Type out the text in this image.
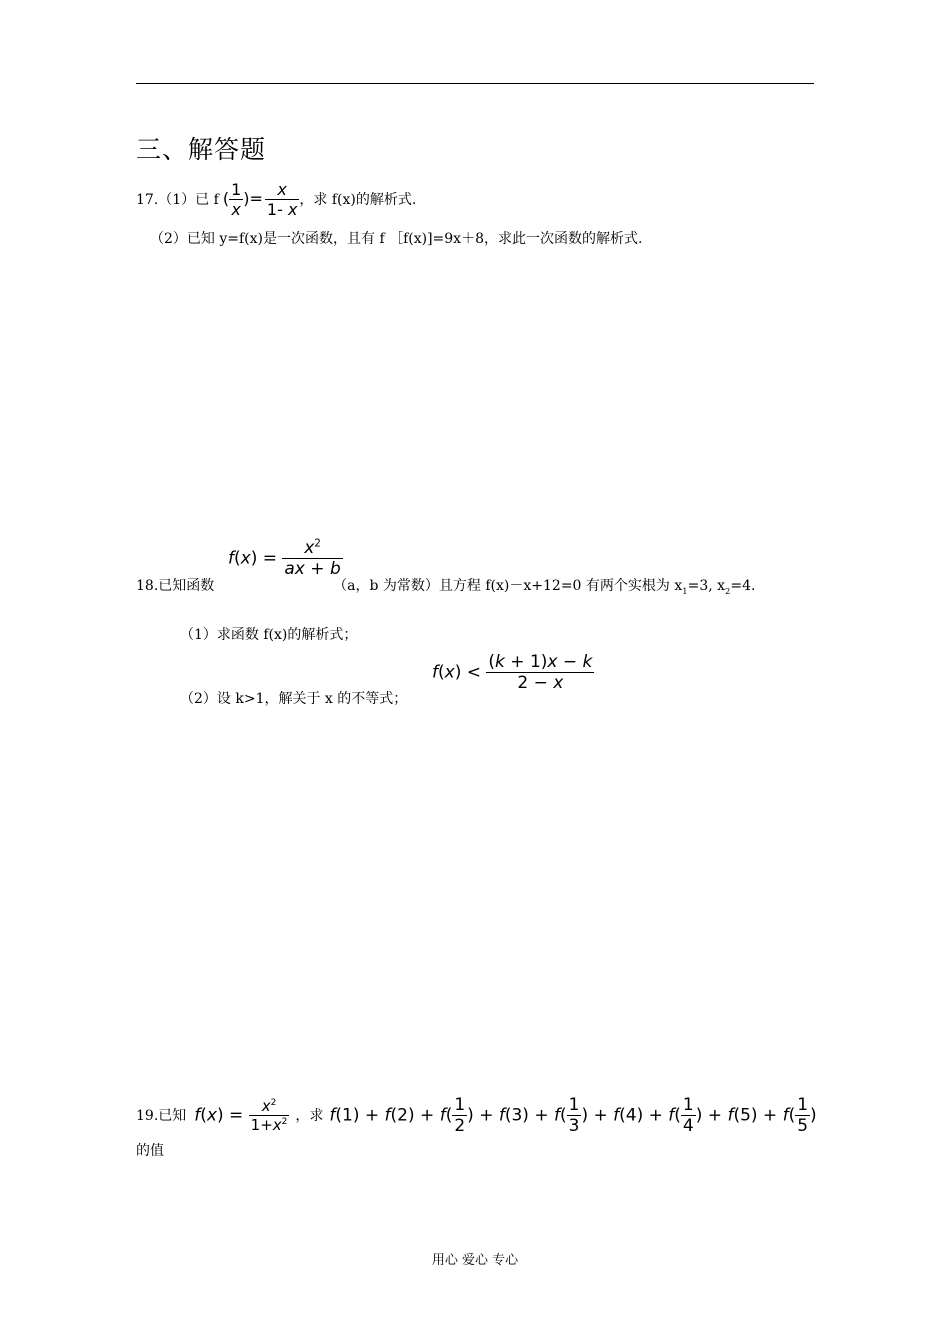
三、解答题
17.（1）已 f ( $\frac{1}{x}$ )= $\frac{x}{1- x}$ ，求 f(x)的解析式.
（2）已知 y=f(x)是一次函数，且有 f ［f(x)]=9x＋8，求此一次函数的解析式.
$f(x) = \frac{x^2}{ax + b}$
18.已知函数	（a，b 为常数）且方程 f(x)－x+12=0 有两个实根为 $x_1=3$, $x_2=4$.
（1）求函数 f(x)的解析式；
（2）设 k>1，解关于 x 的不等式；
$f(x) < \frac{(k + 1)x - k}{2 - x}$
19.已知 $f(x) = \frac{x^2}{1+x^2}$ ，求 $f(1) + f(2) + f( \frac{1}{2}$ ) + $f(3) + f( \frac{1}{3}$ ) + $f(4) + f( \frac{1}{4}$ ) + $f(5) + f( \frac{1}{5}$ )
的值
用心 爱心 专心
